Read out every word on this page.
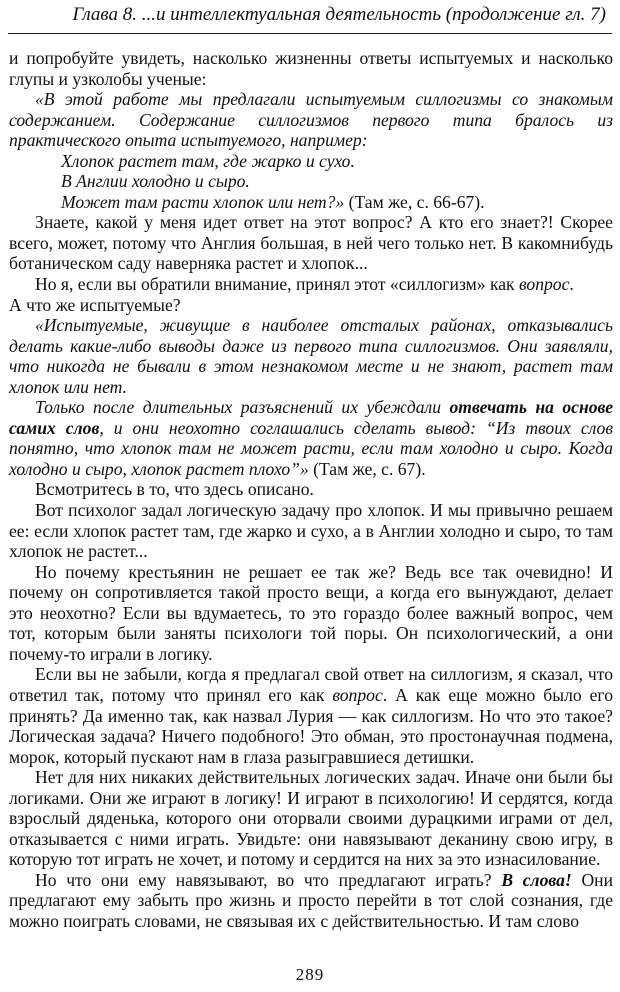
Глава 8. ...и интеллектуальная деятельность (продолжение гл. 7)

и попробуйте увидеть, насколько жизненны ответы испытуемых и насколько глупы и узколобы ученые:

«В этой работе мы предлагали испытуемым силлогизмы со знакомым содержанием. Содержание силлогизмов первого типа бралось из практического опыта испытуемого, например:

Хлопок растет там, где жарко и сухо.

В Англии холодно и сыро.

Может там расти хлопок или нет?» (Там же, с. 66-67).

Знаете, какой у меня идет ответ на этот вопрос? А кто его знает?! Скорее всего, может, потому что Англия большая, в ней чего только нет. В какомнибудь ботаническом саду наверняка растет и хлопок...

Но я, если вы обратили внимание, принял этот «силлогизм» как вопрос.

А что же испытуемые?

«Испытуемые, живущие в наиболее отсталых районах, отказывались делать какие-либо выводы даже из первого типа силлогизмов. Они заявляли, что никогда не бывали в этом незнакомом месте и не знают, растет там хлопок или нет.

Только после длительных разъяснений их убеждали отвечать на основе самих слов, и они неохотно соглашались сделать вывод: “Из твоих слов понятно, что хлопок там не может расти, если там холодно и сыро. Когда холодно и сыро, хлопок растет плохо”» (Там же, с. 67).

Всмотритесь в то, что здесь описано.

Вот психолог задал логическую задачу про хлопок. И мы привычно решаем ее: если хлопок растет там, где жарко и сухо, а в Англии холодно и сыро, то там хлопок не растет...

Но почему крестьянин не решает ее так же? Ведь все так очевидно! И почему он сопротивляется такой просто вещи, а когда его вынуждают, делает это неохотно? Если вы вдумаетесь, то это гораздо более важный вопрос, чем тот, которым были заняты психологи той поры. Он психологический, а они почему-то играли в логику.

Если вы не забыли, когда я предлагал свой ответ на силлогизм, я сказал, что ответил так, потому что принял его как вопрос. А как еще можно было его принять? Да именно так, как назвал Лурия — как силлогизм. Но что это такое? Логическая задача? Ничего подобного! Это обман, это простонаучная подмена, морок, который пускают нам в глаза разыгравшиеся детишки.

Нет для них никаких действительных логических задач. Иначе они были бы логиками. Они же играют в логику! И играют в психологию! И сердятся, когда взрослый дяденька, которого они оторвали своими дурацкими играми от дел, отказывается с ними играть. Увидьте: они навязывают деканину свою игру, в которую тот играть не хочет, и потому и сердится на них за это изнасилование.

Но что они ему навязывают, во что предлагают играть? В слова! Они предлагают ему забыть про жизнь и просто перейти в тот слой сознания, где можно поиграть словами, не связывая их с действительностью. И там слово

289
